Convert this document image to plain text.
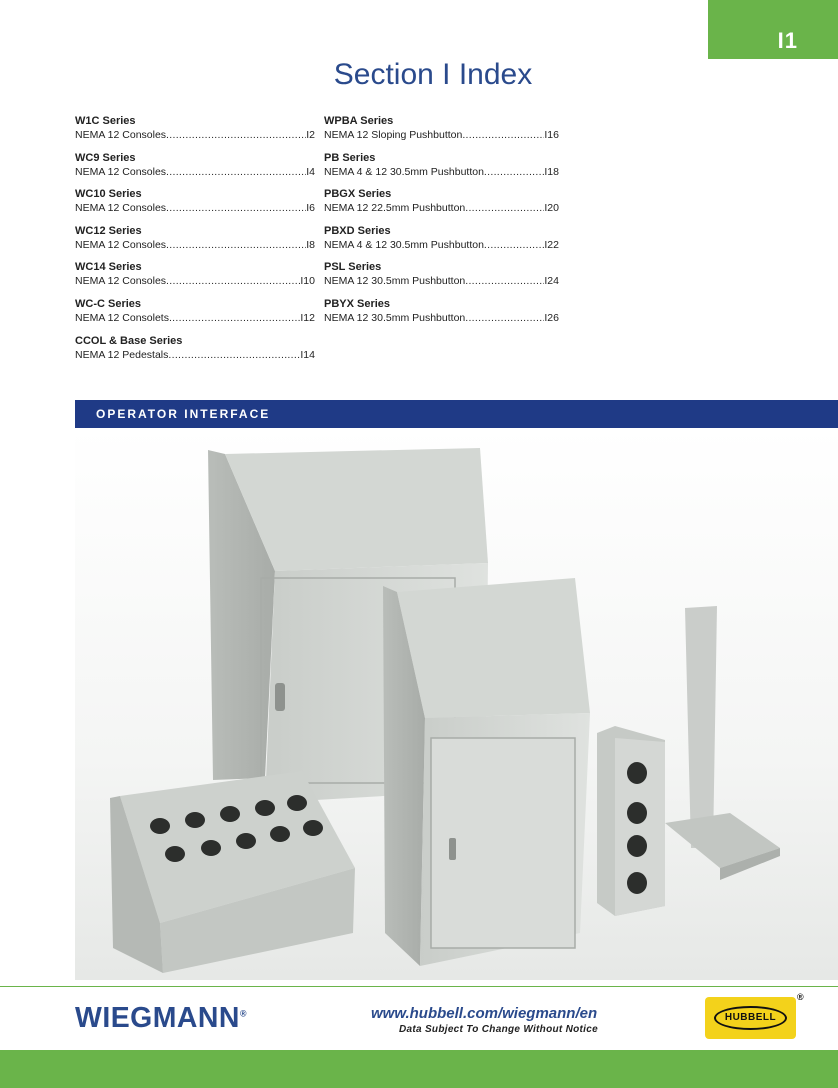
I1
Section I Index
W1C Series
NEMA 12 Consoles .....	I2
WC9 Series
NEMA 12 Consoles .....	I4
WC10 Series
NEMA 12 Consoles .....	I6
WC12 Series
NEMA 12 Consoles .....	I8
WC14 Series
NEMA 12 Consoles .....	I10
WC-C Series
NEMA 12 Consolets .....	I12
CCOL & Base Series
NEMA 12 Pedestals .....	I14
WPBA Series
NEMA 12 Sloping Pushbutton .....	I16
PB Series
NEMA 4 & 12 30.5mm Pushbutton .....	I18
PBGX Series
NEMA 12 22.5mm Pushbutton .....	I20
PBXD Series
NEMA 4 & 12 30.5mm Pushbutton .....	I22
PSL Series
NEMA 12 30.5mm Pushbutton .....	I24
PBYX Series
NEMA 12 30.5mm Pushbutton .....	I26
OPERATOR INTERFACE
WIEGMANN®	www.hubbell.com/wiegmann/en
Data Subject To Change Without Notice
HUBBELL
®
